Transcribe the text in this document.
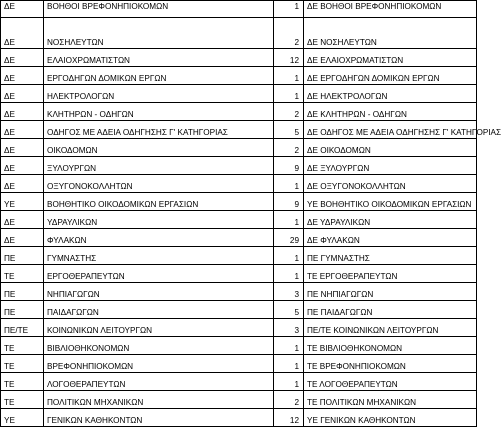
ΔΕ	ΒΟΗΘΟΙ ΒΡΕΦΟΝΗΠΙΟΚΟΜΩΝ	1	ΔΕ ΒΟΗΘΟΙ ΒΡΕΦΟΝΗΠΙΟΚΟΜΩΝ
ΔΕ	ΝΟΣΗΛΕΥΤΩΝ	2	ΔΕ ΝΟΣΗΛΕΥΤΩΝ
ΔΕ	ΕΛΑΙΟΧΡΩΜΑΤΙΣΤΩΝ	12	ΔΕ ΕΛΑΙΟΧΡΩΜΑΤΙΣΤΩΝ
ΔΕ	ΕΡΓΟΔΗΓΩΝ ΔΟΜΙΚΩΝ ΕΡΓΩΝ	1	ΔΕ ΕΡΓΟΔΗΓΩΝ ΔΟΜΙΚΩΝ ΕΡΓΩΝ
ΔΕ	ΗΛΕΚΤΡΟΛΟΓΩΝ	1	ΔΕ ΗΛΕΚΤΡΟΛΟΓΩΝ
ΔΕ	ΚΛΗΤΗΡΩΝ - ΟΔΗΓΩΝ	2	ΔΕ ΚΛΗΤΗΡΩΝ - ΟΔΗΓΩΝ
ΔΕ	ΟΔΗΓΟΣ ΜΕ ΑΔΕΙΑ ΟΔΗΓΗΣΗΣ Γ' ΚΑΤΗΓΟΡΙΑΣ	5	ΔΕ ΟΔΗΓΟΣ ΜΕ ΑΔΕΙΑ ΟΔΗΓΗΣΗΣ Γ' ΚΑΤΗΓΟΡΙΑΣ
ΔΕ	ΟΙΚΟΔΟΜΩΝ	2	ΔΕ ΟΙΚΟΔΟΜΩΝ
ΔΕ	ΞΥΛΟΥΡΓΩΝ	9	ΔΕ ΞΥΛΟΥΡΓΩΝ
ΔΕ	ΟΞΥΓΟΝΟΚΟΛΛΗΤΩΝ	1	ΔΕ ΟΞΥΓΟΝΟΚΟΛΛΗΤΩΝ
ΥΕ	ΒΟΗΘΗΤΙΚΟ ΟΙΚΟΔΟΜΙΚΩΝ ΕΡΓΑΣΙΩΝ	9	ΥΕ ΒΟΗΘΗΤΙΚΟ ΟΙΚΟΔΟΜΙΚΩΝ ΕΡΓΑΣΙΩΝ
ΔΕ	ΥΔΡΑΥΛΙΚΩΝ	1	ΔΕ ΥΔΡΑΥΛΙΚΩΝ
ΔΕ	ΦΥΛΑΚΩΝ	29	ΔΕ ΦΥΛΑΚΩΝ
ΠΕ	ΓΥΜΝΑΣΤΗΣ	1	ΠΕ ΓΥΜΝΑΣΤΗΣ
ΤΕ	ΕΡΓΟΘΕΡΑΠΕΥΤΩΝ	1	ΤΕ ΕΡΓΟΘΕΡΑΠΕΥΤΩΝ
ΠΕ	ΝΗΠΙΑΓΩΓΩΝ	3	ΠΕ ΝΗΠΙΑΓΩΓΩΝ
ΠΕ	ΠΑΙΔΑΓΩΓΩΝ	5	ΠΕ ΠΑΙΔΑΓΩΓΩΝ
ΠΕ/ΤΕ	ΚΟΙΝΩΝΙΚΩΝ ΛΕΙΤΟΥΡΓΩΝ	3	ΠΕ/ΤΕ ΚΟΙΝΩΝΙΚΩΝ ΛΕΙΤΟΥΡΓΩΝ
ΤΕ	ΒΙΒΛΙΟΘΗΚΟΝΟΜΩΝ	1	ΤΕ ΒΙΒΛΙΟΘΗΚΟΝΟΜΩΝ
ΤΕ	ΒΡΕΦΟΝΗΠΙΟΚΟΜΩΝ	1	ΤΕ ΒΡΕΦΟΝΗΠΙΟΚΟΜΩΝ
ΤΕ	ΛΟΓΟΘΕΡΑΠΕΥΤΩΝ	1	ΤΕ ΛΟΓΟΘΕΡΑΠΕΥΤΩΝ
ΤΕ	ΠΟΛΙΤΙΚΩΝ ΜΗΧΑΝΙΚΩΝ	2	ΤΕ ΠΟΛΙΤΙΚΩΝ ΜΗΧΑΝΙΚΩΝ
ΥΕ	ΓΕΝΙΚΩΝ ΚΑΘΗΚΟΝΤΩΝ	12	ΥΕ ΓΕΝΙΚΩΝ ΚΑΘΗΚΟΝΤΩΝ
